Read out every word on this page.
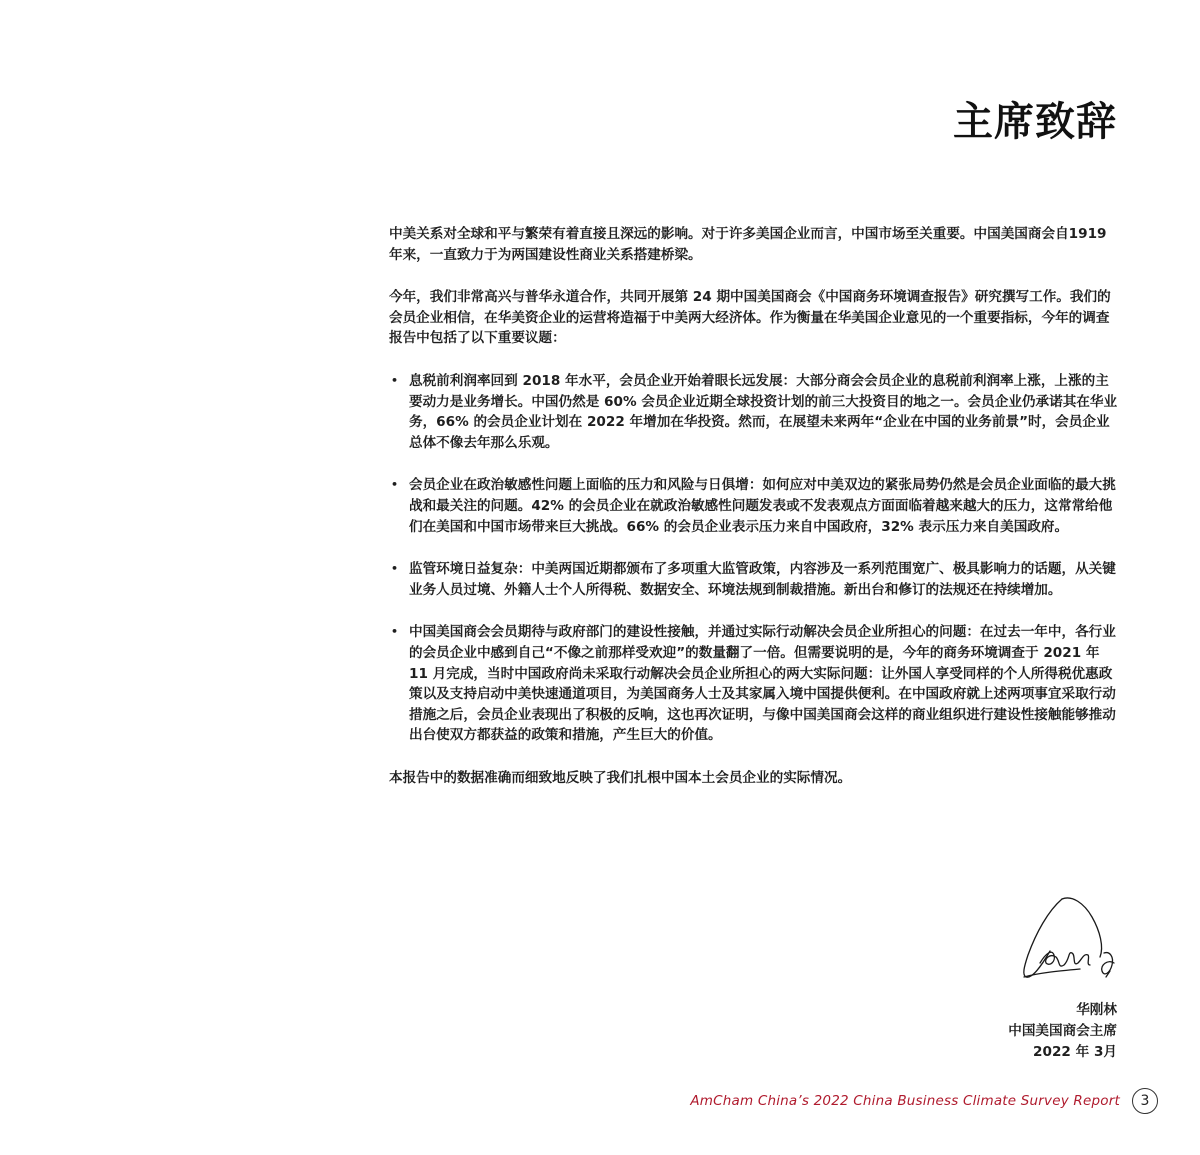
主席致辞

中美关系对全球和平与繁荣有着直接且深远的影响。对于许多美国企业而言，中国市场至关重要。中国美国商会自1919年来，一直致力于为两国建设性商业关系搭建桥梁。

今年，我们非常高兴与普华永道合作，共同开展第 24 期中国美国商会《中国商务环境调查报告》研究撰写工作。我们的会员企业相信，在华美资企业的运营将造福于中美两大经济体。作为衡量在华美国企业意见的一个重要指标，今年的调查报告中包括了以下重要议题：

• 息税前利润率回到 2018 年水平，会员企业开始着眼长远发展：大部分商会会员企业的息税前利润率上涨，上涨的主要动力是业务增长。中国仍然是 60% 会员企业近期全球投资计划的前三大投资目的地之一。会员企业仍承诺其在华业务，66% 的会员企业计划在 2022 年增加在华投资。然而，在展望未来两年“企业在中国的业务前景”时，会员企业总体不像去年那么乐观。
• 会员企业在政治敏感性问题上面临的压力和风险与日俱增：如何应对中美双边的紧张局势仍然是会员企业面临的最大挑战和最关注的问题。42% 的会员企业在就政治敏感性问题发表或不发表观点方面面临着越来越大的压力，这常常给他们在美国和中国市场带来巨大挑战。66% 的会员企业表示压力来自中国政府，32% 表示压力来自美国政府。
• 监管环境日益复杂：中美两国近期都颁布了多项重大监管政策，内容涉及一系列范围宽广、极具影响力的话题，从关键业务人员过境、外籍人士个人所得税、数据安全、环境法规到制裁措施。新出台和修订的法规还在持续增加。
• 中国美国商会会员期待与政府部门的建设性接触，并通过实际行动解决会员企业所担心的问题：在过去一年中，各行业的会员企业中感到自己“不像之前那样受欢迎”的数量翻了一倍。但需要说明的是，今年的商务环境调查于 2021 年 11 月完成，当时中国政府尚未采取行动解决会员企业所担心的两大实际问题：让外国人享受同样的个人所得税优惠政策以及支持启动中美快速通道项目，为美国商务人士及其家属入境中国提供便利。在中国政府就上述两项事宜采取行动措施之后，会员企业表现出了积极的反响，这也再次证明，与像中国美国商会这样的商业组织进行建设性接触能够推动出台使双方都获益的政策和措施，产生巨大的价值。

本报告中的数据准确而细致地反映了我们扎根中国本土会员企业的实际情况。

华刚林
中国美国商会主席
2022 年 3月
AmCham China’s 2022 China Business Climate Survey Report	3
